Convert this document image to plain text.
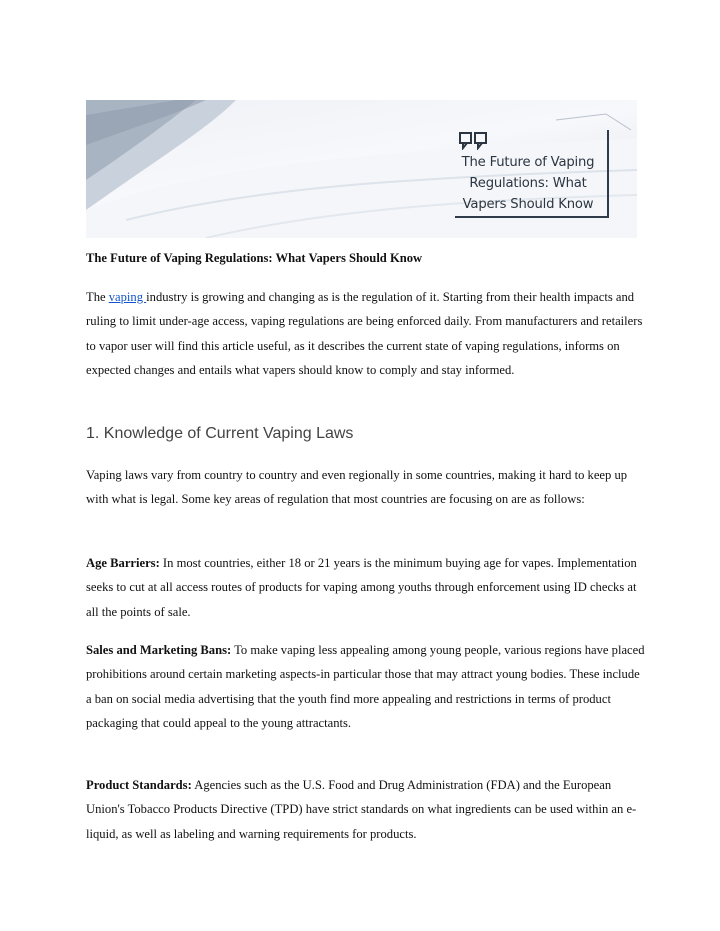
The Future of Vaping Regulations: What Vapers Should Know
The Future of Vaping Regulations: What Vapers Should Know
The vaping industry is growing and changing as is the regulation of it. Starting from their health impacts and ruling to limit under-age access, vaping regulations are being enforced daily. From manufacturers and retailers to vapor user will find this article useful, as it describes the current state of vaping regulations, informs on expected changes and entails what vapers should know to comply and stay informed.
1. Knowledge of Current Vaping Laws
Vaping laws vary from country to country and even regionally in some countries, making it hard to keep up with what is legal. Some key areas of regulation that most countries are focusing on are as follows:
Age Barriers: In most countries, either 18 or 21 years is the minimum buying age for vapes. Implementation seeks to cut at all access routes of products for vaping among youths through enforcement using ID checks at all the points of sale.
Sales and Marketing Bans: To make vaping less appealing among young people, various regions have placed prohibitions around certain marketing aspects-in particular those that may attract young bodies. These include a ban on social media advertising that the youth find more appealing and restrictions in terms of product packaging that could appeal to the young attractants.
Product Standards: Agencies such as the U.S. Food and Drug Administration (FDA) and the European Union's Tobacco Products Directive (TPD) have strict standards on what ingredients can be used within an e-liquid, as well as labeling and warning requirements for products.
